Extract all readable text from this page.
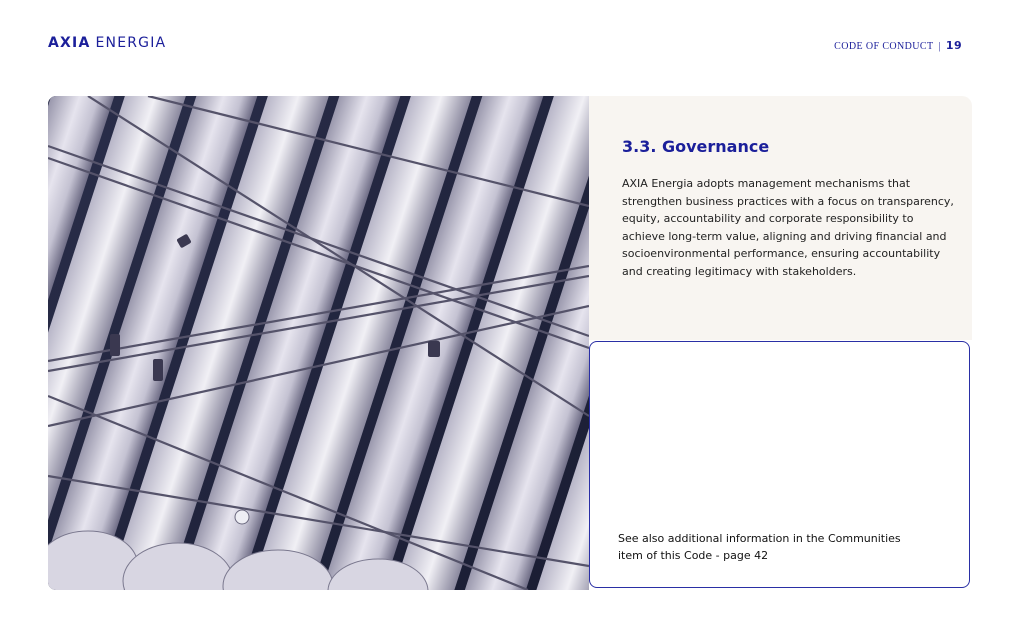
AXIA ENERGIA	CODE OF CONDUCT | 19
3.3. Governance

AXIA Energia adopts management mechanisms that strengthen business practices with a focus on transparency, equity, accountability and corporate responsibility to achieve long-term value, aligning and driving financial and socioenvironmental performance, ensuring accountability and creating legitimacy with stakeholders.

See also additional information in the Communities item of this Code - page 42
